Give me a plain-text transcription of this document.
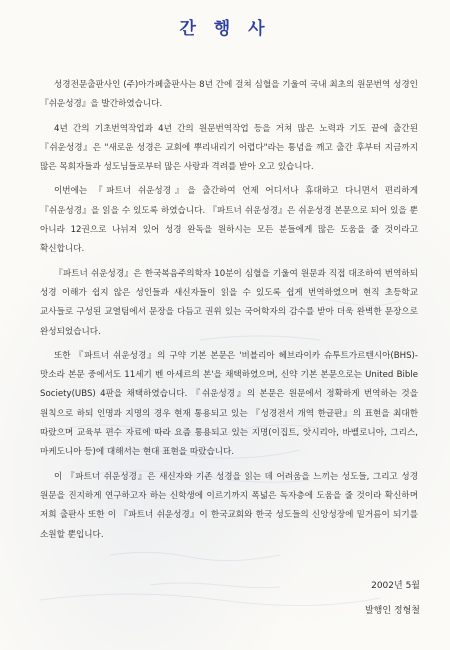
간 행 사

성경전문출판사인 (주)아가페출판사는 8년 간에 걸쳐 심혈을 기울여 국내 최초의 원문번역 성경인 『쉬운성경』을 발간하였습니다.

4년 간의 기초번역작업과 4년 간의 원문번역작업 등을 거쳐 많은 노력과 기도 끝에 출간된 『쉬운성경』은 "새로운 성경은 교회에 뿌리내리기 어렵다"라는 통념을 깨고 출간 후부터 지금까지 많은 목회자들과 성도님들로부터 많은 사랑과 격려를 받아 오고 있습니다.

이번에는 『파트너 쉬운성경』을 출간하여 언제 어디서나 휴대하고 다니면서 편리하게 『쉬운성경』을 읽을 수 있도록 하였습니다. 『파트너 쉬운성경』은 쉬운성경 본문으로 되어 있을 뿐 아니라 12권으로 나뉘져 있어 성경 완독을 원하시는 모든 분들에게 많은 도움을 줄 것이라고 확신합니다.

『파트너 쉬운성경』은 한국복음주의학자 10분이 심혈을 기울여 원문과 직접 대조하여 번역하되 성경 이해가 쉽지 않은 성인들과 새신자들이 읽을 수 있도록 쉽게 번역하였으며 현직 초등학교 교사들로 구성된 교열팀에서 문장을 다듬고 권위 있는 국어학자의 감수를 받아 더욱 완벽한 문장으로 완성되었습니다.

또한 『파트너 쉬운성경』의 구약 기본 본문은 '비블리아 헤브라이카 슈투트가르텐시아(BHS)-맛소라 본문 중에서도 11세기 벤 아세르의 본'을 채택하였으며, 신약 기본 본문으로는 United Bible Society(UBS) 4판을 채택하였습니다. 『쉬운성경』의 본문은 원문에서 정확하게 번역하는 것을 원칙으로 하되 인명과 지명의 경우 현재 통용되고 있는 『성경전서 개역 한글판』의 표현을 최대한 따랐으며 교육부 편수 자료에 따라 요즘 통용되고 있는 지명(이집트, 앗시리아, 바벨로니아, 그리스, 마케도니아 등)에 대해서는 현대 표현을 따랐습니다.

이 『파트너 쉬운성경』은 새신자와 기존 성경을 읽는 데 어려움을 느끼는 성도들, 그리고 성경 원문을 진지하게 연구하고자 하는 신학생에 이르기까지 폭넓은 독자층에 도움을 줄 것이라 확신하며 저희 출판사 또한 이 『파트너 쉬운성경』이 한국교회와 한국 성도들의 신앙성장에 밑거름이 되기를 소원할 뿐입니다.

2002년 5월
발행인 정형철
